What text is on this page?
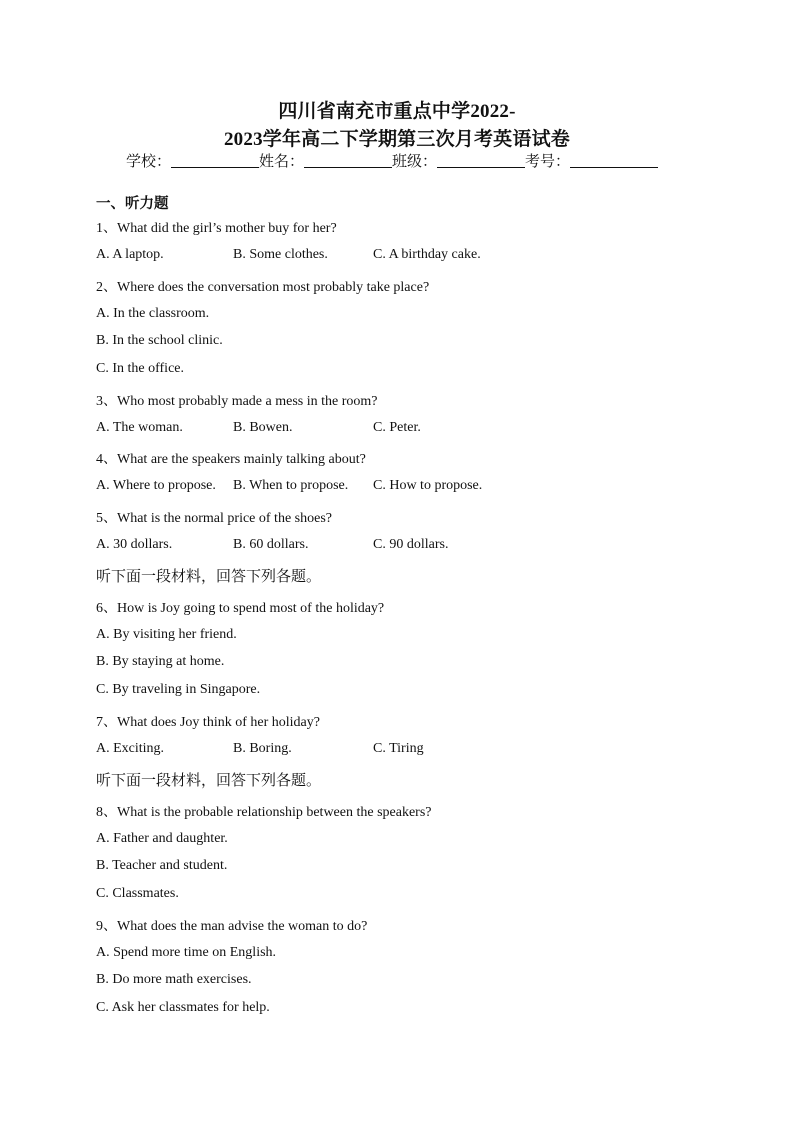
四川省南充市重点中学2022-
2023学年高二下学期第三次月考英语试卷
学校：	姓名：	班级：	考号：
一、听力题
1、What did the girl’s mother buy for her?
A. A laptop.	B. Some clothes.	C. A birthday cake.
2、Where does the conversation most probably take place?
A. In the classroom.
B. In the school clinic.
C. In the office.
3、Who most probably made a mess in the room?
A. The woman.	B. Bowen.	C. Peter.
4、What are the speakers mainly talking about?
A. Where to propose. B. When to propose. C. How to propose.
5、What is the normal price of the shoes?
A. 30 dollars.	B. 60 dollars.	C. 90 dollars.
听下面一段材料，回答下列各题。
6、How is Joy going to spend most of the holiday?
A. By visiting her friend.
B. By staying at home.
C. By traveling in Singapore.
7、What does Joy think of her holiday?
A. Exciting.	B. Boring.	C. Tiring
听下面一段材料，回答下列各题。
8、What is the probable relationship between the speakers?
A. Father and daughter.
B. Teacher and student.
C. Classmates.
9、What does the man advise the woman to do?
A. Spend more time on English.
B. Do more math exercises.
C. Ask her classmates for help.
